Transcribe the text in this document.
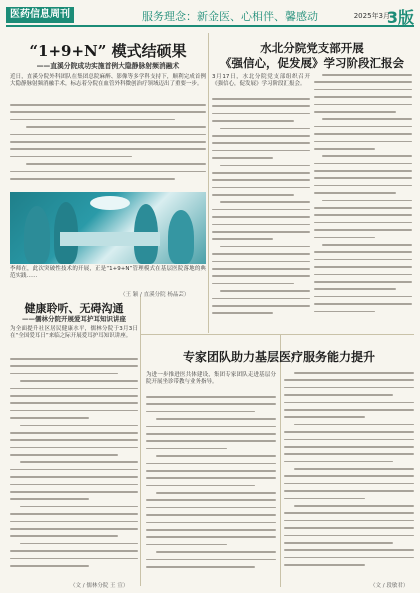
医药信息周刊	服务理念：新金医、心相伴、馨感动	2025年3月
3版
“1+9+N” 模式结硕果
——直溪分院成功实施首例大隐静脉射频消融术

近日，直溪分院外科团队在集团总院麻醉、影像等多学科支持下，顺利完成首例大隐静脉射频消融手术，标志着分院在血管外科微创治疗领域迈出了重要一步。

李师在，此次突破性技术的开展，正是“1+9+N”管理模式在基层医院落地的典范实践……

（王 颖 / 直溪分院 杨晶芸）
水北分院党支部开展
《强信心，促发展》学习阶段汇报会

3月17日，水北分院党支部组织召开《强信心，促发展》学习阶段汇报会。

健康聆听、无碍沟通
——儒林分院开展爱耳护耳知识讲座

为全面提升社区居民健康水平，儒林分院于3月3日在“全国爱耳日”来临之际开展爱耳护耳知识讲座。

（文 / 儒林分院 王 宣）
专家团队助力基层医疗服务能力提升

为进一步推进医共体建设，集团专家团队走进基层分院开展坐诊带教与业务指导。

（文 / 段敏君）
